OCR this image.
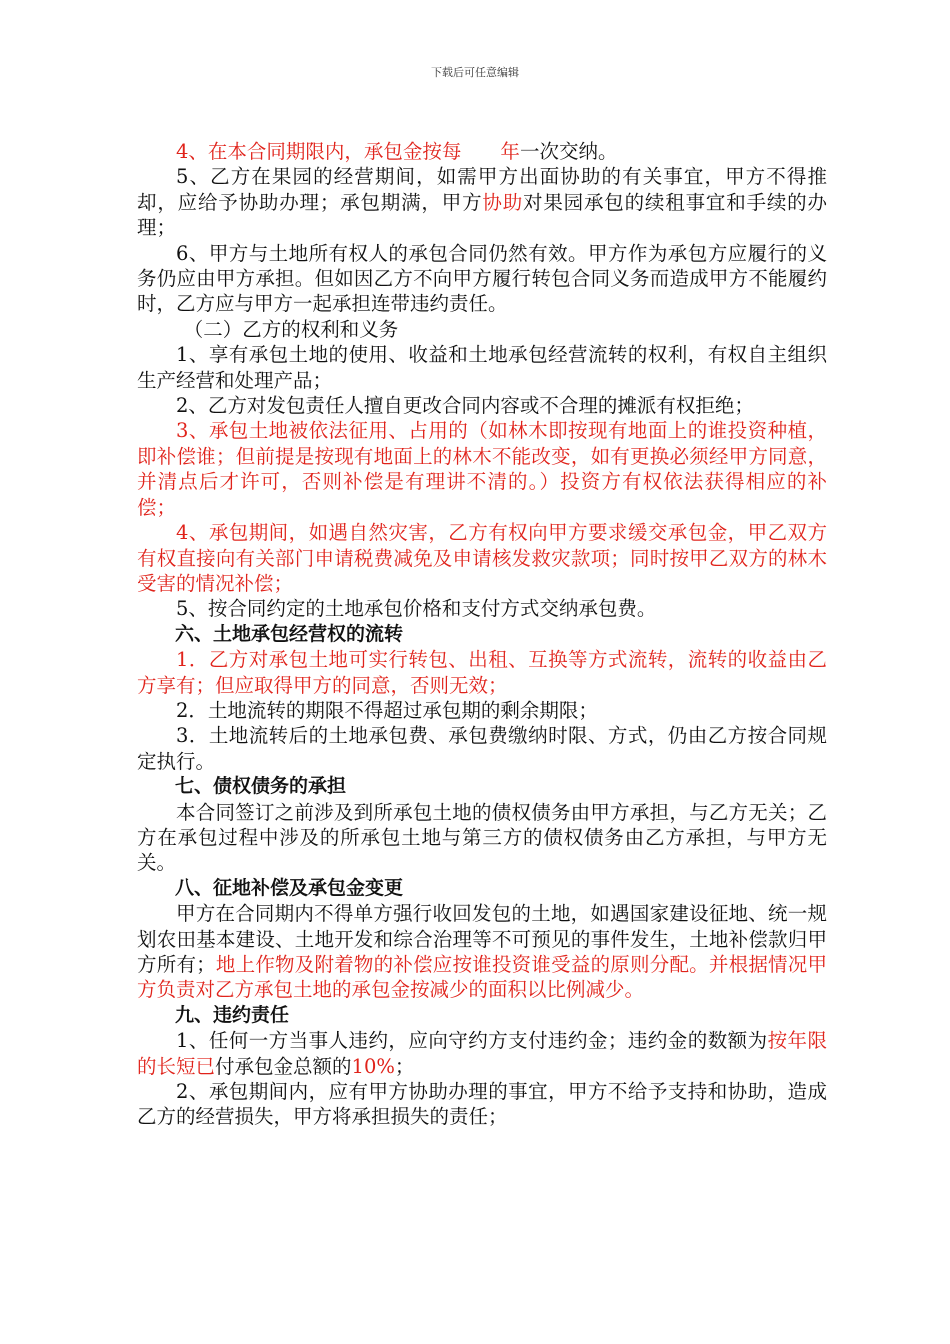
下载后可任意编辑

4、在本合同期限内，承包金按每 年一次交纳。

5、乙方在果园的经营期间，如需甲方出面协助的有关事宜，甲方不得推却，应给予协助办理；承包期满，甲方协助对果园承包的续租事宜和手续的办理；

6、甲方与土地所有权人的承包合同仍然有效。甲方作为承包方应履行的义务仍应由甲方承担。但如因乙方不向甲方履行转包合同义务而造成甲方不能履约时，乙方应与甲方一起承担连带违约责任。

（二）乙方的权利和义务

1、享有承包土地的使用、收益和土地承包经营流转的权利，有权自主组织生产经营和处理产品；

2、乙方对发包责任人擅自更改合同内容或不合理的摊派有权拒绝；

3、承包土地被依法征用、占用的（如林木即按现有地面上的谁投资种植，即补偿谁；但前提是按现有地面上的林木不能改变，如有更换必须经甲方同意，并清点后才许可，否则补偿是有理讲不清的。）投资方有权依法获得相应的补偿；

4、承包期间，如遇自然灾害，乙方有权向甲方要求缓交承包金，甲乙双方有权直接向有关部门申请税费减免及申请核发救灾款项；同时按甲乙双方的林木受害的情况补偿；

5、按合同约定的土地承包价格和支付方式交纳承包费。

六、土地承包经营权的流转

1．乙方对承包土地可实行转包、出租、互换等方式流转，流转的收益由乙方享有；但应取得甲方的同意，否则无效；

2．土地流转的期限不得超过承包期的剩余期限；

3．土地流转后的土地承包费、承包费缴纳时限、方式，仍由乙方按合同规定执行。

七、债权债务的承担

本合同签订之前涉及到所承包土地的债权债务由甲方承担，与乙方无关；乙方在承包过程中涉及的所承包土地与第三方的债权债务由乙方承担，与甲方无关。

八、征地补偿及承包金变更

甲方在合同期内不得单方强行收回发包的土地，如遇国家建设征地、统一规划农田基本建设、土地开发和综合治理等不可预见的事件发生，土地补偿款归甲方所有；地上作物及附着物的补偿应按谁投资谁受益的原则分配。并根据情况甲方负责对乙方承包土地的承包金按减少的面积以比例减少。

九、违约责任

1、任何一方当事人违约，应向守约方支付违约金；违约金的数额为按年限的长短已付承包金总额的10%；

2、承包期间内，应有甲方协助办理的事宜，甲方不给予支持和协助，造成乙方的经营损失，甲方将承担损失的责任；
